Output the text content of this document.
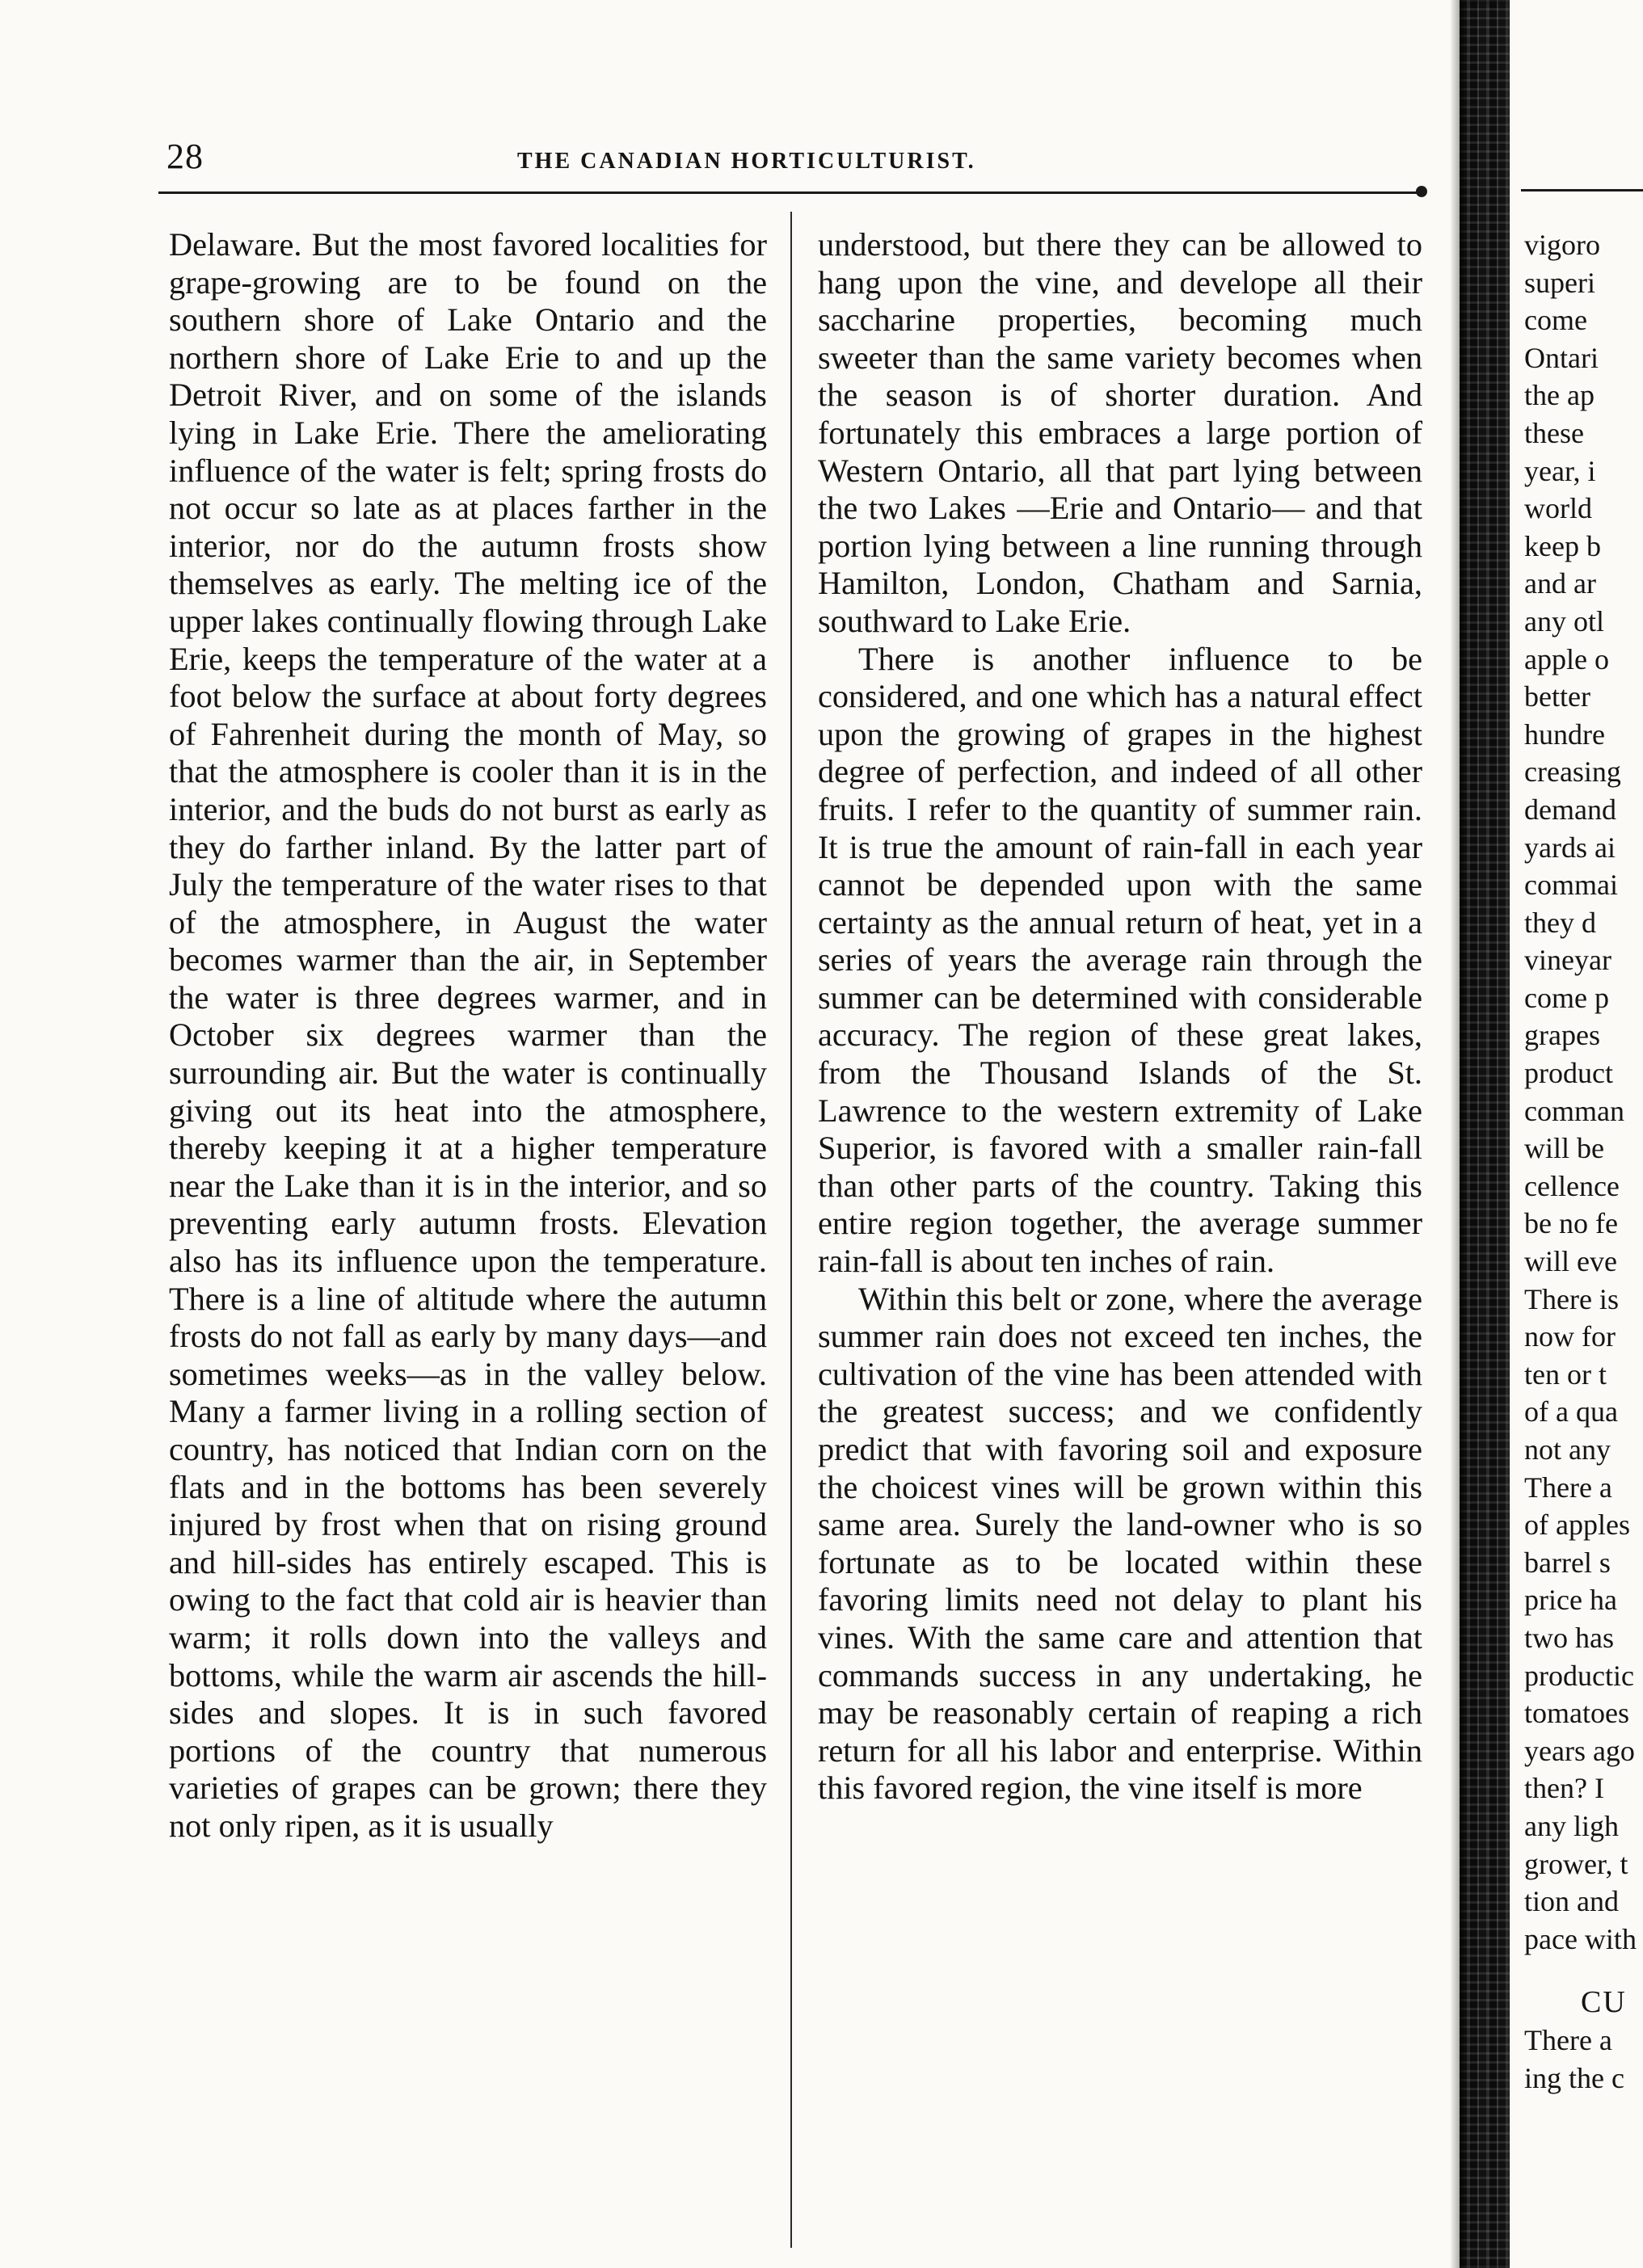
28	THE CANADIAN HORTICULTURIST.

Delaware. But the most favored localities for grape-growing are to be found on the southern shore of Lake Ontario and the northern shore of Lake Erie to and up the Detroit River, and on some of the islands lying in Lake Erie. There the ameliorating influence of the water is felt; spring frosts do not occur so late as at places farther in the interior, nor do the autumn frosts show themselves as early. The melting ice of the upper lakes continually flowing through Lake Erie, keeps the temperature of the water at a foot below the surface at about forty degrees of Fahrenheit during the month of May, so that the atmosphere is cooler than it is in the interior, and the buds do not burst as early as they do farther inland. By the latter part of July the temperature of the water rises to that of the atmosphere, in August the water becomes warmer than the air, in September the water is three degrees warmer, and in October six degrees warmer than the surrounding air. But the water is continually giving out its heat into the atmosphere, thereby keeping it at a higher temperature near the Lake than it is in the interior, and so preventing early autumn frosts. Elevation also has its influence upon the temperature. There is a line of altitude where the autumn frosts do not fall as early by many days—and sometimes weeks—as in the valley below. Many a farmer living in a rolling section of country, has noticed that Indian corn on the flats and in the bottoms has been severely injured by frost when that on rising ground and hill-sides has entirely escaped. This is owing to the fact that cold air is heavier than warm; it rolls down into the valleys and bottoms, while the warm air ascends the hill-sides and slopes. It is in such favored portions of the country that numerous varieties of grapes can be grown; there they not only ripen, as it is usually

understood, but there they can be allowed to hang upon the vine, and develope all their saccharine properties, becoming much sweeter than the same variety becomes when the season is of shorter duration. And fortunately this embraces a large portion of Western Ontario, all that part lying between the two Lakes —Erie and Ontario— and that portion lying between a line running through Hamilton, London, Chatham and Sarnia, southward to Lake Erie.

There is another influence to be considered, and one which has a natural effect upon the growing of grapes in the highest degree of perfection, and indeed of all other fruits. I refer to the quantity of summer rain. It is true the amount of rain-fall in each year cannot be depended upon with the same certainty as the annual return of heat, yet in a series of years the average rain through the summer can be determined with considerable accuracy. The region of these great lakes, from the Thousand Islands of the St. Lawrence to the western extremity of Lake Superior, is favored with a smaller rain-fall than other parts of the country. Taking this entire region together, the average summer rain-fall is about ten inches of rain.

Within this belt or zone, where the average summer rain does not exceed ten inches, the cultivation of the vine has been attended with the greatest success; and we confidently predict that with favoring soil and exposure the choicest vines will be grown within this same area. Surely the land-owner who is so fortunate as to be located within these favoring limits need not delay to plant his vines. With the same care and attention that commands success in any undertaking, he may be reasonably certain of reaping a rich return for all his labor and enterprise. Within this favored region, the vine itself is more

vigoro
superi
come
Ontari
the ap
these
year, i
world
keep b
and ar
any otl
apple o
better
hundre
creasing
demand
yards ai
commai
they d
vineyar
come p
grapes
product
comman
will be
cellence
be no fe
will eve
There is
now for
ten or t
of a qua
not any
There a
of apples
barrel s
price ha
two has
productic
tomatoes
years ago
then? I
any ligh
grower, t
tion and
pace with
CU
There a
ing the c
